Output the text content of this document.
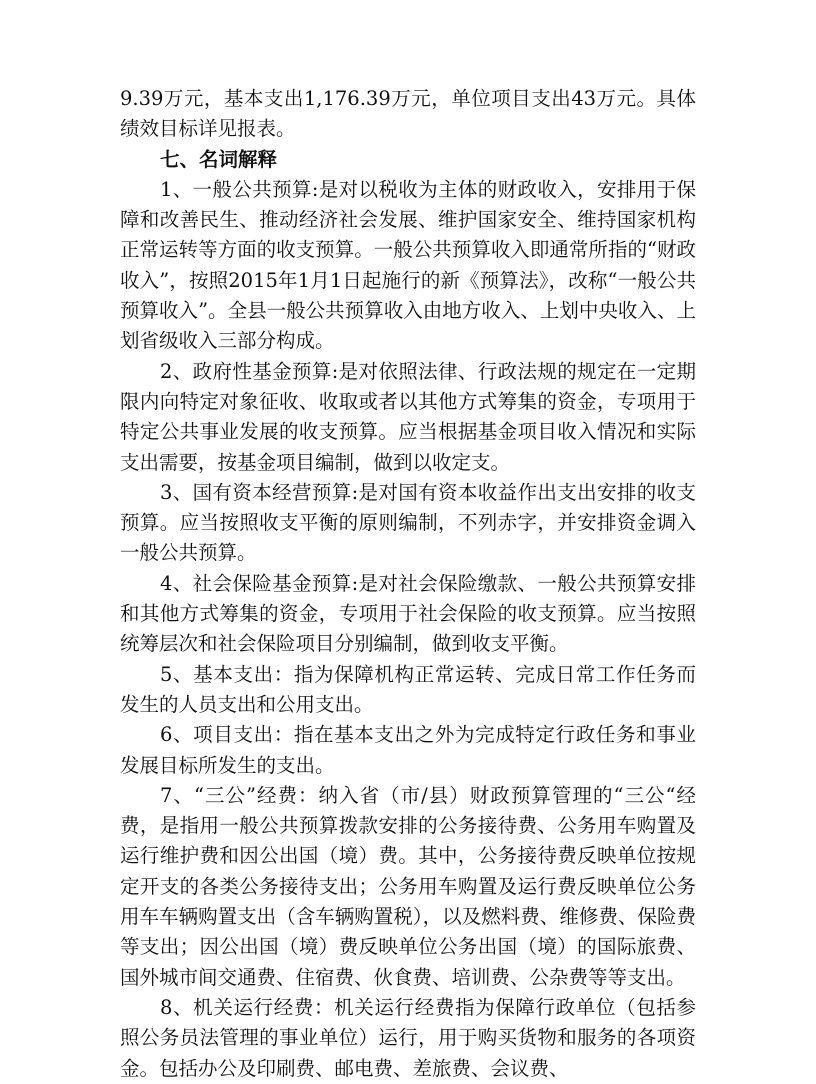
9.39万元，基本支出1,176.39万元，单位项目支出43万元。具体绩效目标详见报表。

七、名词解释

1、一般公共预算:是对以税收为主体的财政收入，安排用于保障和改善民生、推动经济社会发展、维护国家安全、维持国家机构正常运转等方面的收支预算。一般公共预算收入即通常所指的“财政收入”，按照2015年1月1日起施行的新《预算法》，改称“一般公共预算收入”。全县一般公共预算收入由地方收入、上划中央收入、上划省级收入三部分构成。

2、政府性基金预算:是对依照法律、行政法规的规定在一定期限内向特定对象征收、收取或者以其他方式筹集的资金，专项用于特定公共事业发展的收支预算。应当根据基金项目收入情况和实际支出需要，按基金项目编制，做到以收定支。

3、国有资本经营预算:是对国有资本收益作出支出安排的收支预算。应当按照收支平衡的原则编制，不列赤字，并安排资金调入一般公共预算。

4、社会保险基金预算:是对社会保险缴款、一般公共预算安排和其他方式筹集的资金，专项用于社会保险的收支预算。应当按照统筹层次和社会保险项目分别编制，做到收支平衡。

5、基本支出：指为保障机构正常运转、完成日常工作任务而发生的人员支出和公用支出。

6、项目支出：指在基本支出之外为完成特定行政任务和事业发展目标所发生的支出。

7、“三公”经费：纳入省（市/县）财政预算管理的“三公“经费，是指用一般公共预算拨款安排的公务接待费、公务用车购置及运行维护费和因公出国（境）费。其中，公务接待费反映单位按规定开支的各类公务接待支出；公务用车购置及运行费反映单位公务用车车辆购置支出（含车辆购置税），以及燃料费、维修费、保险费等支出；因公出国（境）费反映单位公务出国（境）的国际旅费、国外城市间交通费、住宿费、伙食费、培训费、公杂费等等支出。

8、机关运行经费：机关运行经费指为保障行政单位（包括参照公务员法管理的事业单位）运行，用于购买货物和服务的各项资金。包括办公及印刷费、邮电费、差旅费、会议费、
